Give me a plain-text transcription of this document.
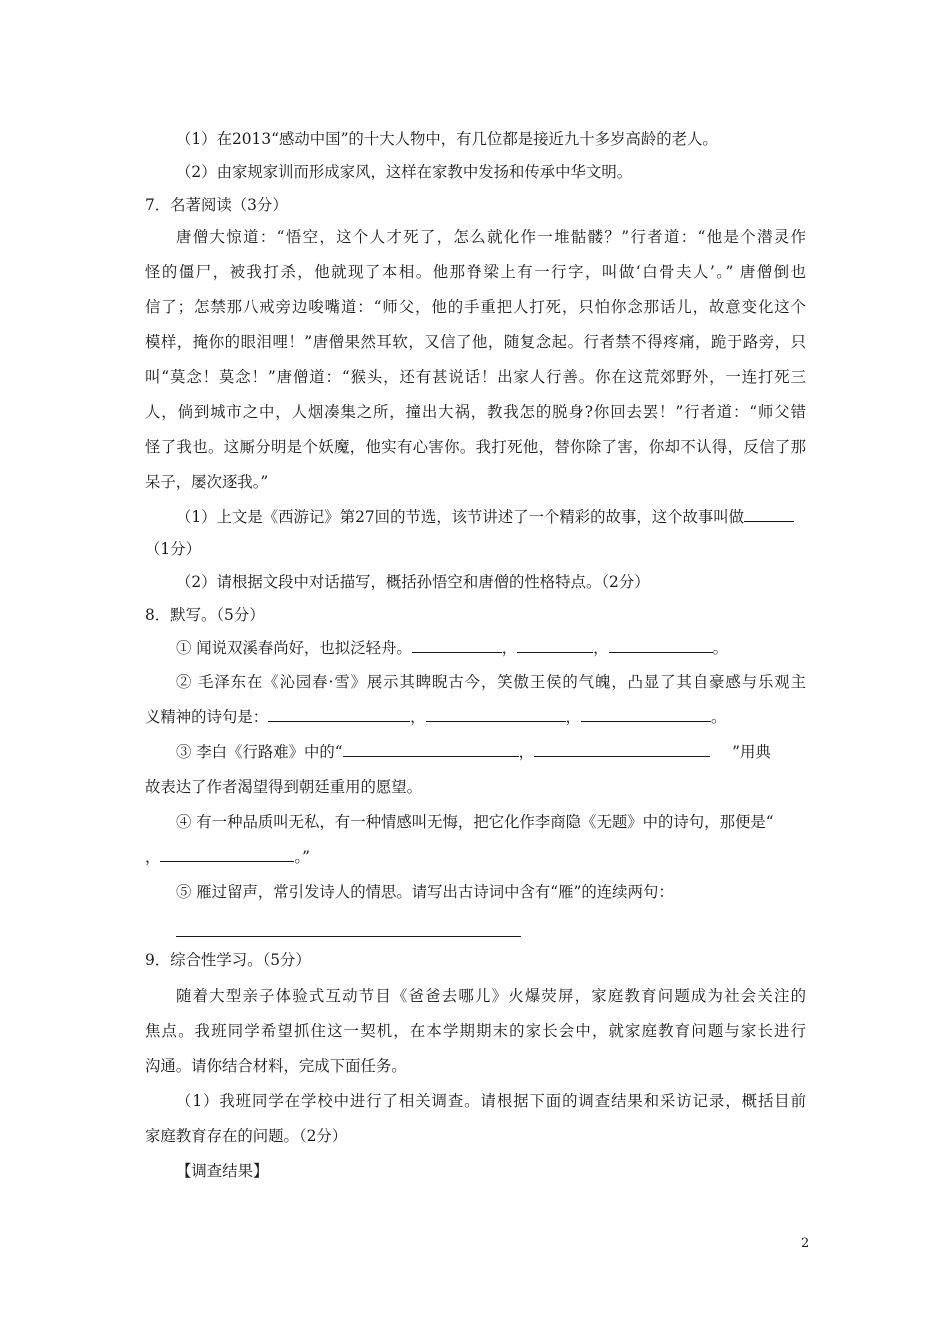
（1）在2013“感动中国”的十大人物中，有几位都是接近九十多岁高龄的老人。
（2）由家规家训而形成家风，这样在家教中发扬和传承中华文明。
7．名著阅读（3分）
唐僧大惊道：“悟空，这个人才死了，怎么就化作一堆骷髅？”行者道：“他是个潜灵作
怪的僵尸，被我打杀，他就现了本相。他那脊梁上有一行字，叫做‘白骨夫人’。” 唐僧倒也
信了；怎禁那八戒旁边唆嘴道：“师父，他的手重把人打死，只怕你念那话儿，故意变化这个
模样，掩你的眼泪哩！”唐僧果然耳软，又信了他，随复念起。行者禁不得疼痛，跪于路旁，只
叫“莫念！莫念！”唐僧道：“猴头，还有甚说话！出家人行善。你在这荒郊野外，一连打死三
人，倘到城市之中，人烟凑集之所，撞出大祸，教我怎的脱身?你回去罢！”行者道：“师父错
怪了我也。这厮分明是个妖魔，他实有心害你。我打死他，替你除了害，你却不认得，反信了那
呆子，屡次逐我。”
（1）上文是《西游记》第27回的节选，该节讲述了一个精彩的故事，这个故事叫做
（1分）
（2）请根据文段中对话描写，概括孙悟空和唐僧的性格特点。（2分）
8．默写。（5分）
① 闻说双溪春尚好，也拟泛轻舟。	，	，	。
② 毛泽东在《沁园春·雪》展示其睥睨古今，笑傲王侯的气魄，凸显了其自豪感与乐观主
义精神的诗句是：	，	，	。
③ 李白《行路难》中的“	，	”用典
故表达了作者渴望得到朝廷重用的愿望。
④ 有一种品质叫无私，有一种情感叫无悔，把它化作李商隐《无题》中的诗句，那便是“
，	。”
⑤ 雁过留声，常引发诗人的情思。请写出古诗词中含有“雁”的连续两句：
9．综合性学习。（5分）
随着大型亲子体验式互动节目《爸爸去哪儿》火爆荧屏，家庭教育问题成为社会关注的
焦点。我班同学希望抓住这一契机，在本学期期末的家长会中，就家庭教育问题与家长进行
沟通。请你结合材料，完成下面任务。
（1）我班同学在学校中进行了相关调查。请根据下面的调查结果和采访记录，概括目前
家庭教育存在的问题。（2分）
【调查结果】
2
